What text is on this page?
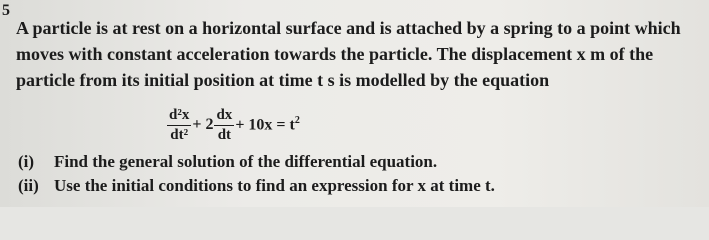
5
A particle is at rest on a horizontal surface and is attached by a spring to a point which
moves with constant acceleration towards the particle. The displacement x m of the
particle from its initial position at time t s is modelled by the equation
$\frac{\text{d²x}}{\text{dt²}} + 2 \frac{dx}{dt} + 10x = t^2$
(i) Find the general solution of the differential equation.
(ii) Use the initial conditions to find an expression for x at time t.
